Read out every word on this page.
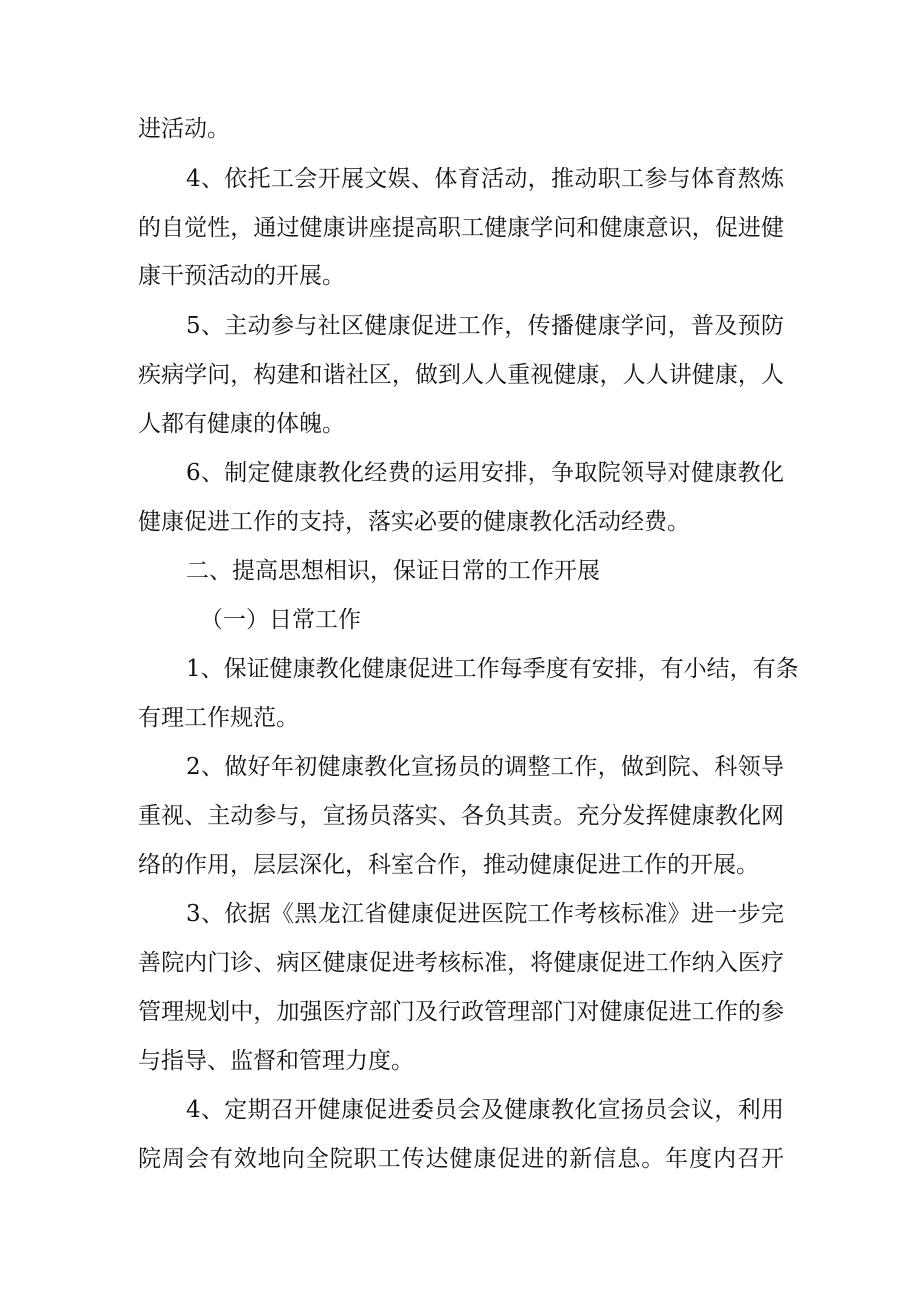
进活动。

4、依托工会开展文娱、体育活动，推动职工参与体育熬炼

的自觉性，通过健康讲座提高职工健康学问和健康意识，促进健

康干预活动的开展。

5、主动参与社区健康促进工作，传播健康学问，普及预防

疾病学问，构建和谐社区，做到人人重视健康，人人讲健康，人

人都有健康的体魄。

6、制定健康教化经费的运用安排，争取院领导对健康教化

健康促进工作的支持，落实必要的健康教化活动经费。

二、提高思想相识，保证日常的工作开展

（一）日常工作

1、保证健康教化健康促进工作每季度有安排，有小结，有条

有理工作规范。

2、做好年初健康教化宣扬员的调整工作，做到院、科领导

重视、主动参与，宣扬员落实、各负其责。充分发挥健康教化网

络的作用，层层深化，科室合作，推动健康促进工作的开展。

3、依据《黑龙江省健康促进医院工作考核标准》进一步完

善院内门诊、病区健康促进考核标准，将健康促进工作纳入医疗

管理规划中，加强医疗部门及行政管理部门对健康促进工作的参

与指导、监督和管理力度。

4、定期召开健康促进委员会及健康教化宣扬员会议，利用

院周会有效地向全院职工传达健康促进的新信息。年度内召开
